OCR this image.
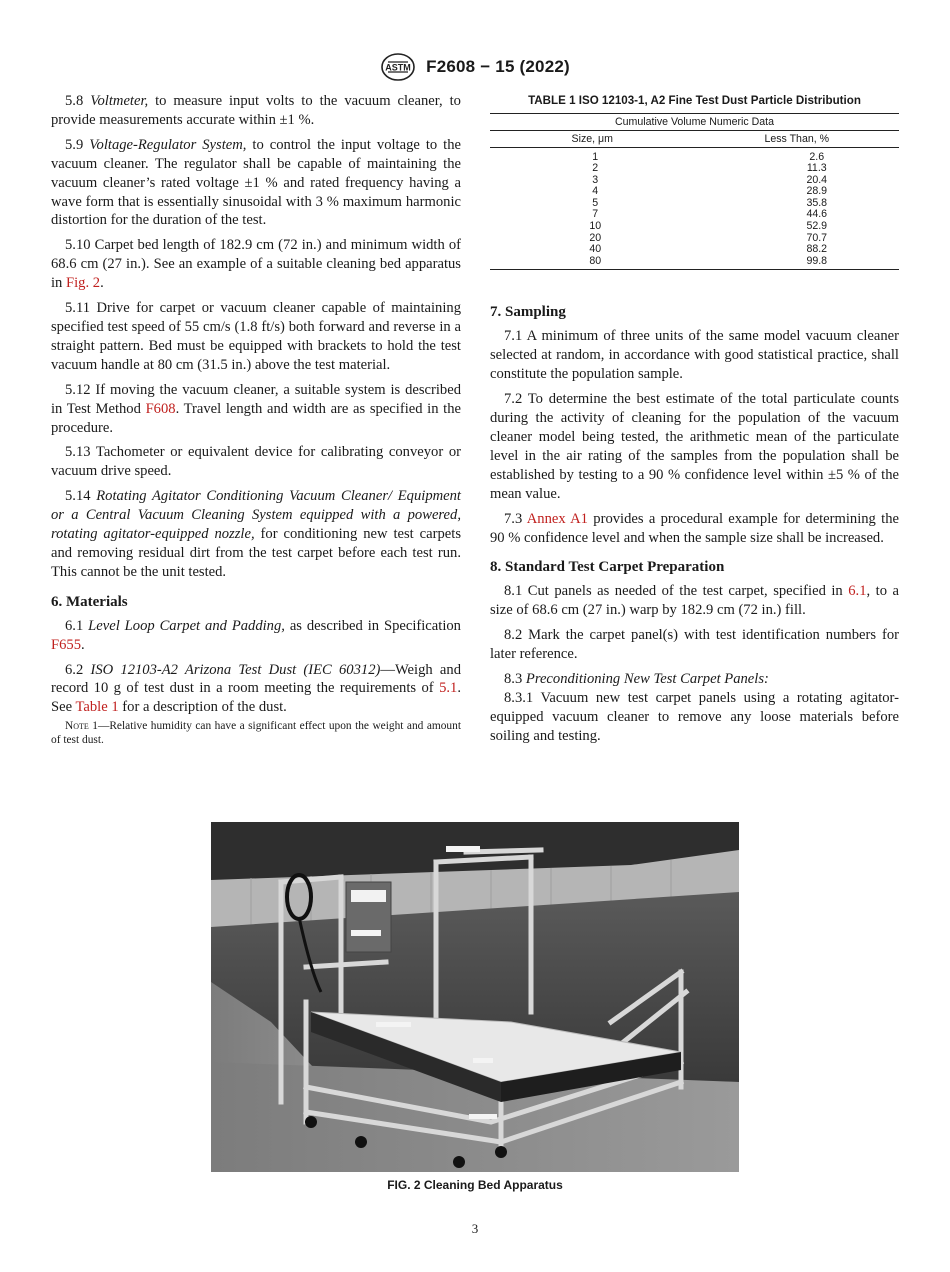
ASTM F2608 − 15 (2022)

5.8 Voltmeter, to measure input volts to the vacuum cleaner, to provide measurements accurate within ±1 %.

5.9 Voltage-Regulator System, to control the input voltage to the vacuum cleaner. The regulator shall be capable of maintaining the vacuum cleaner’s rated voltage ±1 % and rated frequency having a wave form that is essentially sinusoidal with 3 % maximum harmonic distortion for the duration of the test.

5.10 Carpet bed length of 182.9 cm (72 in.) and minimum width of 68.6 cm (27 in.). See an example of a suitable cleaning bed apparatus in Fig. 2.

5.11 Drive for carpet or vacuum cleaner capable of maintaining specified test speed of 55 cm/s (1.8 ft/s) both forward and reverse in a straight pattern. Bed must be equipped with brackets to hold the test vacuum handle at 80 cm (31.5 in.) above the test material.

5.12 If moving the vacuum cleaner, a suitable system is described in Test Method F608. Travel length and width are as specified in the procedure.

5.13 Tachometer or equivalent device for calibrating conveyor or vacuum drive speed.

5.14 Rotating Agitator Conditioning Vacuum Cleaner/ Equipment or a Central Vacuum Cleaning System equipped with a powered, rotating agitator-equipped nozzle, for conditioning new test carpets and removing residual dirt from the test carpet before each test run. This cannot be the unit tested.

6. Materials

6.1 Level Loop Carpet and Padding, as described in Specification F655.

6.2 ISO 12103-A2 Arizona Test Dust (IEC 60312)—Weigh and record 10 g of test dust in a room meeting the requirements of 5.1. See Table 1 for a description of the dust.

Note 1—Relative humidity can have a significant effect upon the weight and amount of test dust.

TABLE 1 ISO 12103-1, A2 Fine Test Dust Particle Distribution
Cumulative Volume Numeric Data	
Size, μm	Less Than, %

1	2.6
2	11.3
3	20.4
4	28.9
5	35.8
7	44.6
10	52.9
20	70.7
40	88.2
80	99.8
7. Sampling

7.1 A minimum of three units of the same model vacuum cleaner selected at random, in accordance with good statistical practice, shall constitute the population sample.

7.2 To determine the best estimate of the total particulate counts during the activity of cleaning for the population of the vacuum cleaner model being tested, the arithmetic mean of the particulate level in the air rating of the samples from the population shall be established by testing to a 90 % confidence level within ±5 % of the mean value.

7.3 Annex A1 provides a procedural example for determining the 90 % confidence level and when the sample size shall be increased.

8. Standard Test Carpet Preparation

8.1 Cut panels as needed of the test carpet, specified in 6.1, to a size of 68.6 cm (27 in.) warp by 182.9 cm (72 in.) fill.

8.2 Mark the carpet panel(s) with test identification numbers for later reference.

8.3 Preconditioning New Test Carpet Panels:

8.3.1 Vacuum new test carpet panels using a rotating agitator-equipped vacuum cleaner to remove any loose materials before soiling and testing.

FIG. 2 Cleaning Bed Apparatus
3
